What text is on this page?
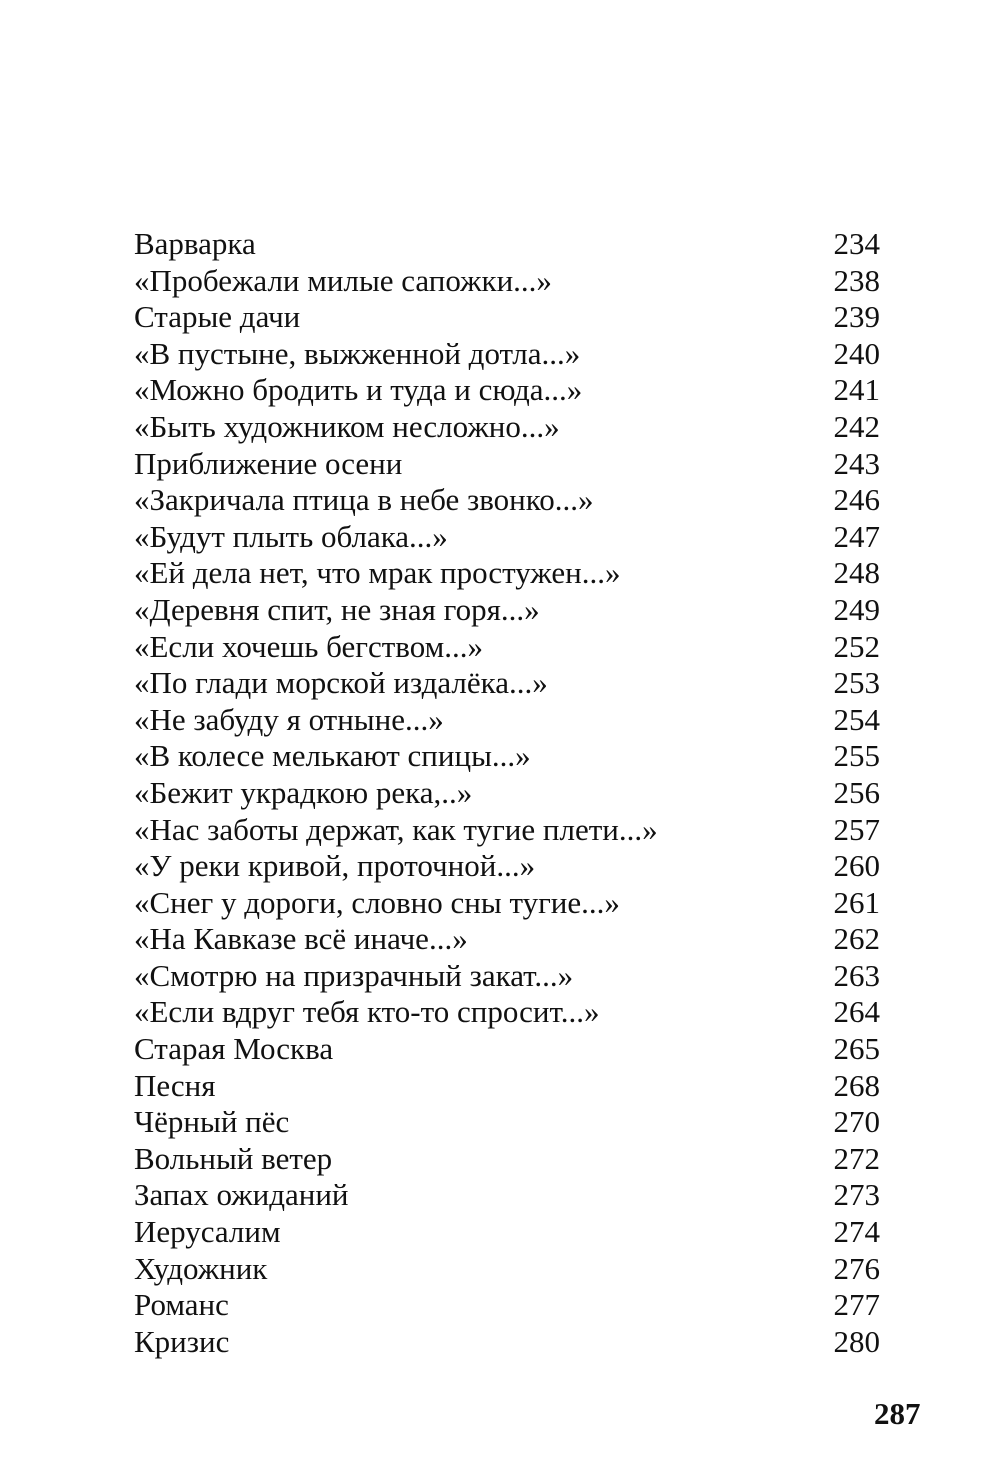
Варварка	234
«Пробежали милые сапожки...»	238
Старые дачи	239
«В пустыне, выжженной дотла...»	240
«Можно бродить и туда и сюда...»	241
«Быть художником несложно...»	242
Приближение осени	243
«Закричала птица в небе звонко...»	246
«Будут плыть облака...»	247
«Ей дела нет, что мрак простужен...»	248
«Деревня спит, не зная горя...»	249
«Если хочешь бегством...»	252
«По глади морской издалёка...»	253
«Не забуду я отныне...»	254
«В колесе мелькают спицы...»	255
«Бежит украдкою река,..»	256
«Нас заботы держат, как тугие плети...»	257
«У реки кривой, проточной...»	260
«Снег у дороги, словно сны тугие...»	261
«На Кавказе всё иначе...»	262
«Смотрю на призрачный закат...»	263
«Если вдруг тебя кто-то спросит...»	264
Старая Москва	265
Песня	268
Чёрный пёс	270
Вольный ветер	272
Запах ожиданий	273
Иерусалим	274
Художник	276
Романс	277
Кризис	280
287
